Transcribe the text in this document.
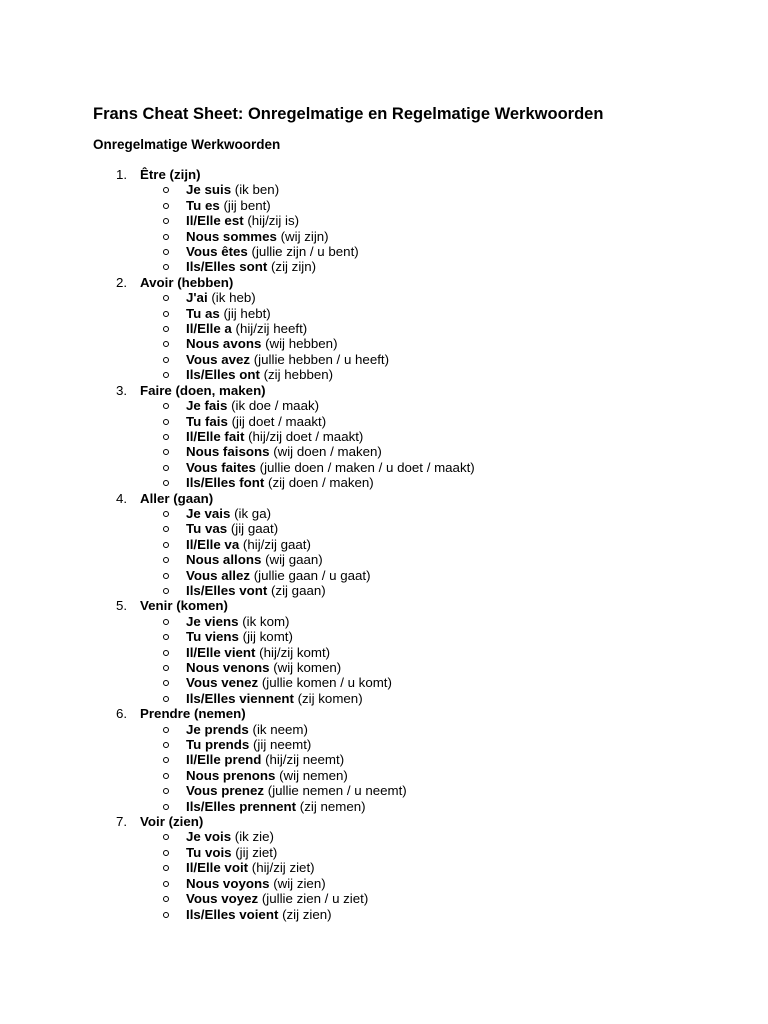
Frans Cheat Sheet: Onregelmatige en Regelmatige Werkwoorden
Onregelmatige Werkwoorden
1. Être (zijn)
Je suis (ik ben)
Tu es (jij bent)
Il/Elle est (hij/zij is)
Nous sommes (wij zijn)
Vous êtes (jullie zijn / u bent)
Ils/Elles sont (zij zijn)
2. Avoir (hebben)
J'ai (ik heb)
Tu as (jij hebt)
Il/Elle a (hij/zij heeft)
Nous avons (wij hebben)
Vous avez (jullie hebben / u heeft)
Ils/Elles ont (zij hebben)
3. Faire (doen, maken)
Je fais (ik doe / maak)
Tu fais (jij doet / maakt)
Il/Elle fait (hij/zij doet / maakt)
Nous faisons (wij doen / maken)
Vous faites (jullie doen / maken / u doet / maakt)
Ils/Elles font (zij doen / maken)
4. Aller (gaan)
Je vais (ik ga)
Tu vas (jij gaat)
Il/Elle va (hij/zij gaat)
Nous allons (wij gaan)
Vous allez (jullie gaan / u gaat)
Ils/Elles vont (zij gaan)
5. Venir (komen)
Je viens (ik kom)
Tu viens (jij komt)
Il/Elle vient (hij/zij komt)
Nous venons (wij komen)
Vous venez (jullie komen / u komt)
Ils/Elles viennent (zij komen)
6. Prendre (nemen)
Je prends (ik neem)
Tu prends (jij neemt)
Il/Elle prend (hij/zij neemt)
Nous prenons (wij nemen)
Vous prenez (jullie nemen / u neemt)
Ils/Elles prennent (zij nemen)
7. Voir (zien)
Je vois (ik zie)
Tu vois (jij ziet)
Il/Elle voit (hij/zij ziet)
Nous voyons (wij zien)
Vous voyez (jullie zien / u ziet)
Ils/Elles voient (zij zien)
